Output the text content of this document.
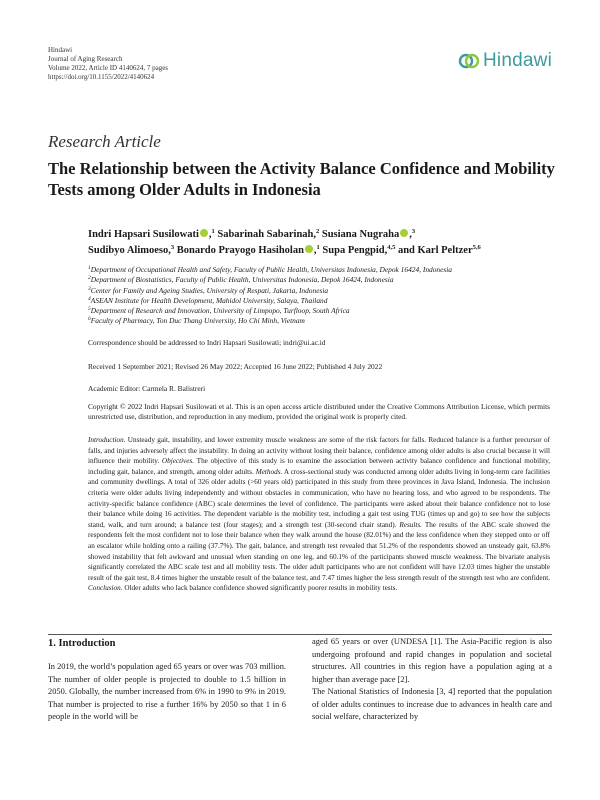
Hindawi
Journal of Aging Research
Volume 2022, Article ID 4140624, 7 pages
https://doi.org/10.1155/2022/4140624
Hindawi
Research Article
The Relationship between the Activity Balance Confidence and Mobility Tests among Older Adults in Indonesia
Indri Hapsari Susilowati ,$^1$ Sabarinah Sabarinah,$^2$ Susiana Nugraha ,$^3$
Sudibyo Alimoeso,$^3$ Bonardo Prayogo Hasiholan ,$^1$ Supa Pengpid,$^{4,5}$ and Karl Peltzer$^{5,6}$
$^1$Department of Occupational Health and Safety, Faculty of Public Health, Universitas Indonesia, Depok 16424, Indonesia
$^2$Department of Biostatistics, Faculty of Public Health, Universitas Indonesia, Depok 16424, Indonesia
$^3$Center for Family and Ageing Studies, University of Respati, Jakarta, Indonesia
$^4$ASEAN Institute for Health Development, Mahidol University, Salaya, Thailand
$^5$Department of Research and Innovation, University of Limpopo, Turfloop, South Africa
$^6$Faculty of Pharmacy, Ton Duc Thang University, Ho Chi Minh, Vietnam
Correspondence should be addressed to Indri Hapsari Susilowati; indri@ui.ac.id
Received 1 September 2021; Revised 26 May 2022; Accepted 16 June 2022; Published 4 July 2022
Academic Editor: Carmela R. Balistreri
Copyright © 2022 Indri Hapsari Susilowati et al. This is an open access article distributed under the Creative Commons Attribution License, which permits unrestricted use, distribution, and reproduction in any medium, provided the original work is properly cited.
Introduction. Unsteady gait, instability, and lower extremity muscle weakness are some of the risk factors for falls. Reduced balance is a further precursor of falls, and injuries adversely affect the instability. In doing an activity without losing their balance, confidence among older adults is also crucial because it will influence their mobility. Objectives. The objective of this study is to examine the association between activity balance confidence and functional mobility, including gait, balance, and strength, among older adults. Methods. A cross-sectional study was conducted among older adults living in long-term care facilities and community dwellings. A total of 326 older adults (>60 years old) participated in this study from three provinces in Java Island, Indonesia. The inclusion criteria were older adults living independently and without obstacles in communication, who have no hearing loss, and who agreed to be respondents. The activity-specific balance confidence (ABC) scale determines the level of confidence. The participants were asked about their balance confidence not to lose their balance while doing 16 activities. The dependent variable is the mobility test, including a gait test using TUG (times up and go) to see how the subjects stand, walk, and turn around; a balance test (four stages); and a strength test (30-second chair stand). Results. The results of the ABC scale showed the respondents felt the most confident not to lose their balance when they walk around the house (82.01%) and the less confidence when they stepped onto or off an escalator while holding onto a railing (37.7%). The gait, balance, and strength test revealed that 51.2% of the respondents showed an unsteady gait, 63.8% showed instability that felt awkward and unusual when standing on one leg, and 60.1% of the participants showed muscle weakness. The bivariate analysis significantly correlated the ABC scale test and all mobility tests. The older adult participants who are not confident will have 12.03 times higher the unstable result of the gait test, 8.4 times higher the unstable result of the balance test, and 7.47 times higher the less strength result of the strength test who are confident. Conclusion. Older adults who lack balance confidence showed significantly poorer results in mobility tests.
1. Introduction
In 2019, the world’s population aged 65 years or over was 703 million. The number of older people is projected to double to 1.5 billion in 2050. Globally, the number increased from 6% in 1990 to 9% in 2019. That number is projected to rise a further 16% by 2050 so that 1 in 6 people in the world will be
aged 65 years or over (UNDESA [1]. The Asia-Pacific region is also undergoing profound and rapid changes in population and societal structures. All countries in this region have a population aging at a higher than average pace [2].
The National Statistics of Indonesia [3, 4] reported that the population of older adults continues to increase due to advances in health care and social welfare, characterized by
